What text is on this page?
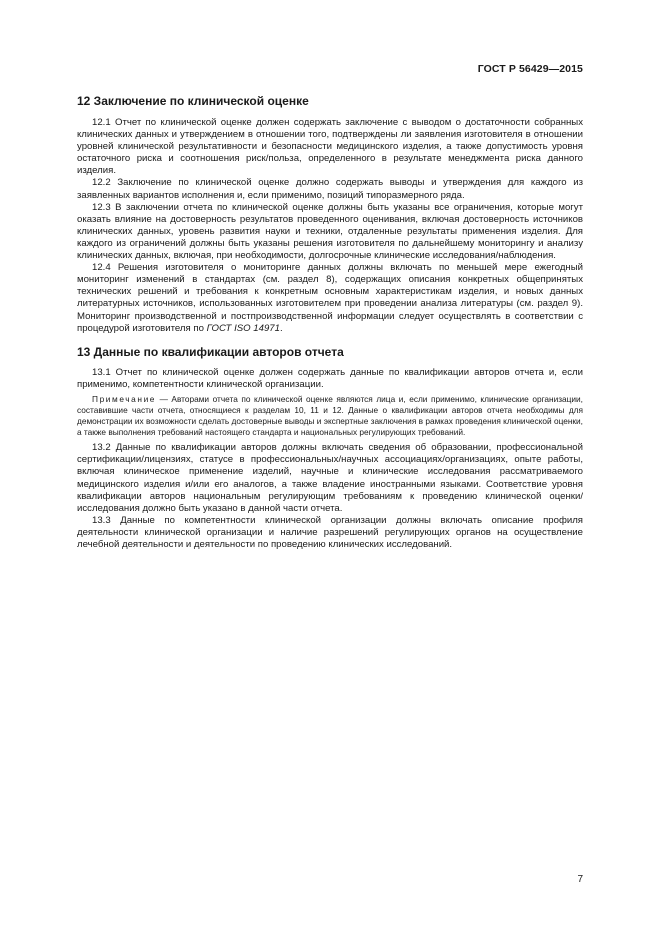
ГОСТ Р 56429—2015
12 Заключение по клинической оценке

12.1 Отчет по клинической оценке должен содержать заключение с выводом о достаточности собранных клинических данных и утверждением в отношении того, подтверждены ли заявления изготовителя в отношении уровней клинической результативности и безопасности медицинского изделия, а также допустимость уровня остаточного риска и соотношения риск/польза, определенного в результате менеджмента риска данного изделия.

12.2 Заключение по клинической оценке должно содержать выводы и утверждения для каждого из заявленных вариантов исполнения и, если применимо, позиций типоразмерного ряда.

12.3 В заключении отчета по клинической оценке должны быть указаны все ограничения, которые могут оказать влияние на достоверность результатов проведенного оценивания, включая достоверность источников клинических данных, уровень развития науки и техники, отдаленные результаты применения изделия. Для каждого из ограничений должны быть указаны решения изготовителя по дальнейшему мониторингу и анализу клинических данных, включая, при необходимости, долгосрочные клинические исследования/наблюдения.

12.4 Решения изготовителя о мониторинге данных должны включать по меньшей мере ежегодный мониторинг изменений в стандартах (см. раздел 8), содержащих описания конкретных общепринятых технических решений и требования к конкретным основным характеристикам изделия, и новых данных литературных источников, использованных изготовителем при проведении анализа литературы (см. раздел 9). Мониторинг производственной и постпроизводственной информации следует осуществлять в соответствии с процедурой изготовителя по ГОСТ ISO 14971.

13 Данные по квалификации авторов отчета

13.1 Отчет по клинической оценке должен содержать данные по квалификации авторов отчета и, если применимо, компетентности клинической организации.

Примечание — Авторами отчета по клинической оценке являются лица и, если применимо, клинические организации, составившие части отчета, относящиеся к разделам 10, 11 и 12. Данные о квалификации авторов отчета необходимы для демонстрации их возможности сделать достоверные выводы и экспертные заключения в рамках проведения клинической оценки, а также выполнения требований настоящего стандарта и национальных регулирующих требований.

13.2 Данные по квалификации авторов должны включать сведения об образовании, профессиональной сертификации/лицензиях, статусе в профессиональных/научных ассоциациях/организациях, опыте работы, включая клиническое применение изделий, научные и клинические исследования рассматриваемого медицинского изделия и/или его аналогов, а также владение иностранными языками. Соответствие уровня квалификации авторов национальным регулирующим требованиям к проведению клинической оценки/исследования должно быть указано в данной части отчета.

13.3 Данные по компетентности клинической организации должны включать описание профиля деятельности клинической организации и наличие разрешений регулирующих органов на осуществление лечебной деятельности и деятельности по проведению клинических исследований.

7
